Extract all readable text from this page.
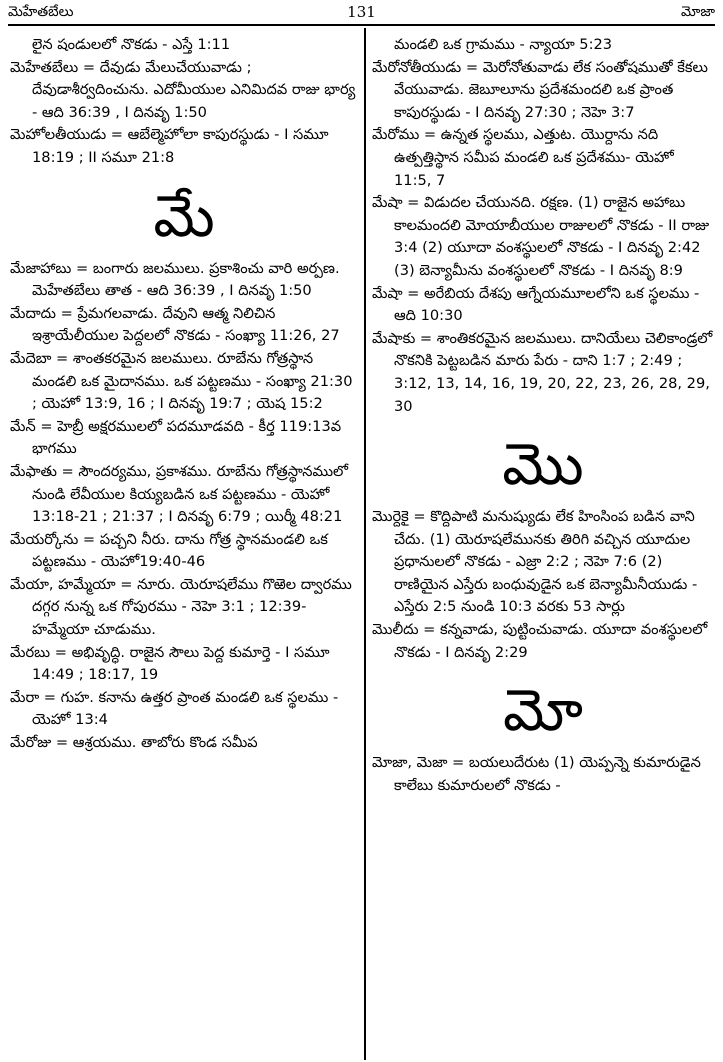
మెహేతబేలు	131	మోజా

లైన షండులలో నొకడు - ఎస్తే 1:11

మెహేతబేలు = దేవుడు మేలుచేయువాడు ; దేవుడాశీర్వదించును. ఎదోమీయుల ఎనిమిదవ రాజు భార్య - ఆది 36:39 , I దినవృ 1:50

మెహోలతీయుడు = ఆబేల్మెహోలా కాపురస్థుడు - I సమూ 18:19 ; II సమూ 21:8

మే

మేజాహాబు = బంగారు జలములు. ప్రకాశించు వారి అర్పణ. మెహేతబేలు తాత - ఆది 36:39 , I దినవృ 1:50

మేదాదు = ప్రేమగలవాడు. దేవుని ఆత్మ నిలిచిన ఇశ్రాయేలీయుల పెద్దలలో నొకడు - సంఖ్యా 11:26, 27

మేదెబా = శాంతకరమైన జలములు. రూబేను గోత్రస్థాన మండలి ఒక మైదానము. ఒక పట్టణము - సంఖ్యా 21:30 ; యెహో 13:9, 16 ; I దినవృ 19:7 ; యెష 15:2

మేన్ = హెబ్రీ అక్షరములలో పదమూడవది - కీర్త 119:13వ భాగము

మేఫాతు = సౌందర్యము, ప్రకాశము. రూబేను గోత్రస్థానములో నుండి లేవీయుల కియ్యబడిన ఒక పట్టణము - యెహో 13:18-21 ; 21:37 ; I దినవృ 6:79 ; యిర్మీ 48:21

మేయర్కోను = పచ్చని నీరు. దాను గోత్ర స్థానమండలి ఒక పట్టణము - యెహో19:40-46

మేయా, హమ్మేయా = నూరు. యెరూషలేము గొఱెల ద్వారము దగ్గర నున్న ఒక గోపురము - నెహె 3:1 ; 12:39- హమ్మేయా చూడుము.

మేరబు = అభివృద్ధి. రాజైన సౌలు పెద్ద కుమార్తె - I సమూ 14:49 ; 18:17, 19

మేరా = గుహ. కనాను ఉత్తర ప్రాంత మండలి ఒక స్థలము - యెహో 13:4

మేరోజు = ఆశ్రయము. తాబోరు కొండ సమీప

మండలి ఒక గ్రామము - న్యాయా 5:23

మేరోనోతీయుడు = మెరోనోతువాడు లేక సంతోషముతో కేకలు వేయువాడు. జెబూలూను ప్రదేశమందలి ఒక ప్రాంత కాపురస్థుడు - I దినవృ 27:30 ; నెహె 3:7

మేరోము = ఉన్నత స్థలము, ఎత్తుట. యొర్దాను నది ఉత్పత్తిస్థాన సమీప మండలి ఒక ప్రదేశము- యెహో 11:5, 7

మేషా = విడుదల చేయునది. రక్షణ. (1) రాజైన అహాబు కాలమందలి మోయాబీయుల రాజులలో నొకడు - II రాజు 3:4 (2) యూదా వంశస్థులలో నొకడు - I దినవృ 2:42 (3) బెన్యామీను వంశస్థులలో నొకడు - I దినవృ 8:9

మేషా = అరేబియ దేశపు ఆగ్నేయమూలలోని ఒక స్థలము - ఆది 10:30

మేషాకు = శాంతికరమైన జలములు. దానియేలు చెలికాండ్రలో నొకనికి పెట్టబడిన మారు పేరు - దాని 1:7 ; 2:49 ; 3:12, 13, 14, 16, 19, 20, 22, 23, 26, 28, 29, 30

మొ

మొర్దెకై = కొద్దిపాటి మనుష్యుడు లేక హింసింప బడిన వాని చేదు. (1) యెరూషలేమునకు తిరిగి వచ్చిన యూదుల ప్రధానులలో నొకడు - ఎజ్రా 2:2 ; నెహె 7:6 (2) రాణియైన ఎస్తేరు బంధువుడైన ఒక బెన్యామీనీయుడు - ఎస్తేరు 2:5 నుండి 10:3 వరకు 53 సార్లు

మొలీదు = కన్నవాడు, పుట్టించువాడు. యూదా వంశస్థులలో నొకడు - I దినవృ 2:29

మో

మోజా, మెజా = బయలుదేరుట (1) యెప్పన్నె కుమారుడైన కాలేబు కుమారులలో నొకడు -
